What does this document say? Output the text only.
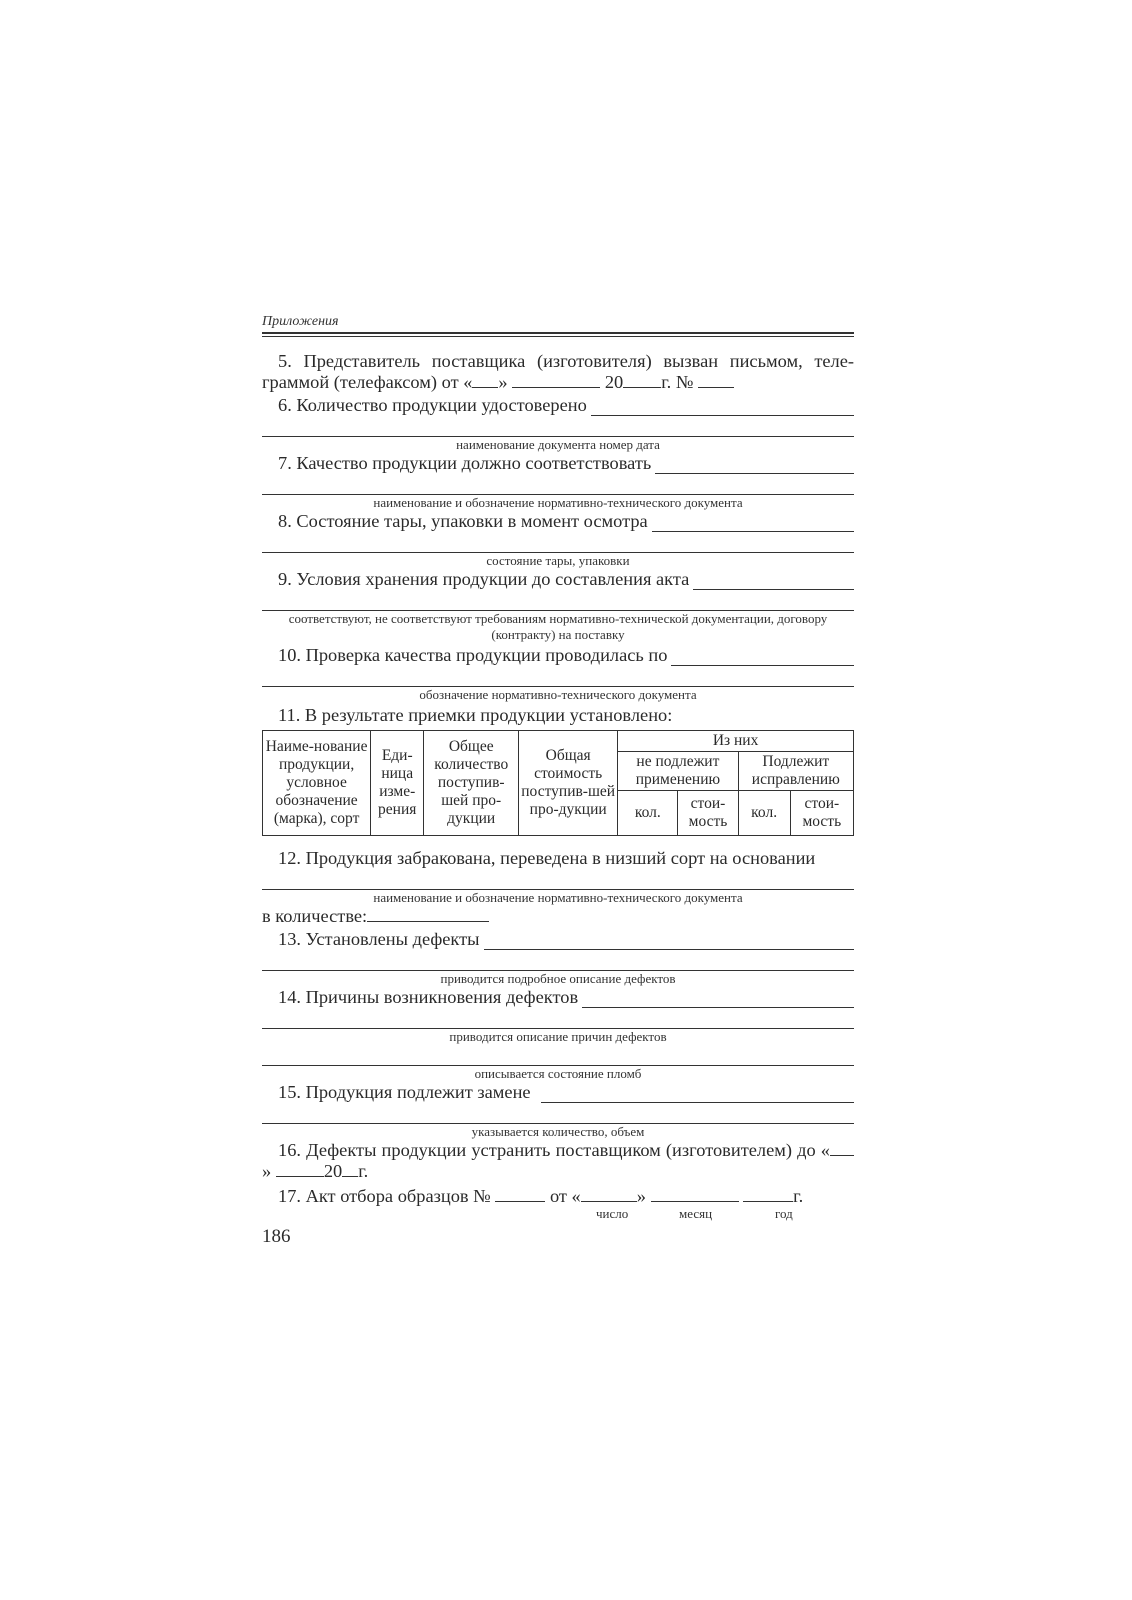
Приложения
5. Представитель поставщика (изготовителя) вызван письмом, теле-граммой (телефаксом) от « »	20 г. №
6. Количество продукции удостоверено
наименование документа номер дата
7. Качество продукции должно соответствовать
наименование и обозначение нормативно-технического документа
8. Состояние тары, упаковки в момент осмотра
состояние тары, упаковки
9. Условия хранения продукции до составления акта
соответствуют, не соответствуют требованиям нормативно-технической документации, договору (контракту) на поставку
10. Проверка качества продукции проводилась по
обозначение нормативно-технического документа
11. В результате приемки продукции установлено:
Наиме-нование продукции, условное обозначение (марка), сорт	Еди-ница изме-рения	Общее количество поступив-шей про-дукции	Общая стоимость поступив-шей про-дукции	Из них			
				не подлежит применению		Подлежит исправлению	
				кол.	стои-мость	кол.	стои-мость
12. Продукция забракована, переведена в низший сорт на основании
наименование и обозначение нормативно-технического документа
в количестве:
13. Установлены дефекты
приводится подробное описание дефектов
14. Причины возникновения дефектов
приводится описание причин дефектов
описывается состояние пломб
15. Продукция подлежит замене
указывается количество, объем
16. Дефекты продукции устранить поставщиком (изготовителем) до «»	20 г.
17. Акт отбора образцов №	от «	»	г.
число	месяц	год
186
